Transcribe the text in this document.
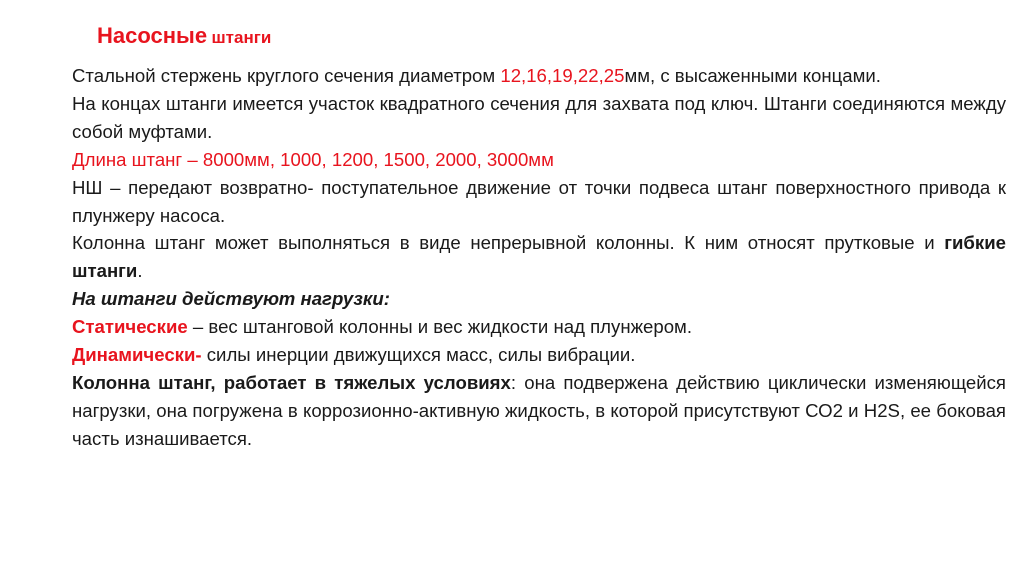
Насосные штанги

Стальной стержень круглого сечения диаметром 12,16,19,22,25мм, с высаженными концами.

На концах штанги имеется участок квадратного сечения для захвата под ключ. Штанги соединяются между собой муфтами.

Длина штанг – 8000мм, 1000, 1200, 1500, 2000, 3000мм

НШ – передают возвратно- поступательное движение от точки подвеса штанг поверхностного привода к плунжеру насоса.

Колонна штанг может выполняться в виде непрерывной колонны. К ним относят прутковые и гибкие штанги.

На штанги действуют нагрузки:

Статические – вес штанговой колонны и вес жидкости над плунжером.

Динамически- силы инерции движущихся масс, силы вибрации.

Колонна штанг, работает в тяжелых условиях: она подвержена действию циклически изменяющейся нагрузки, она погружена в коррозионно-активную жидкость, в которой присутствуют СО2 и Н2S, ее боковая часть изнашивается.
